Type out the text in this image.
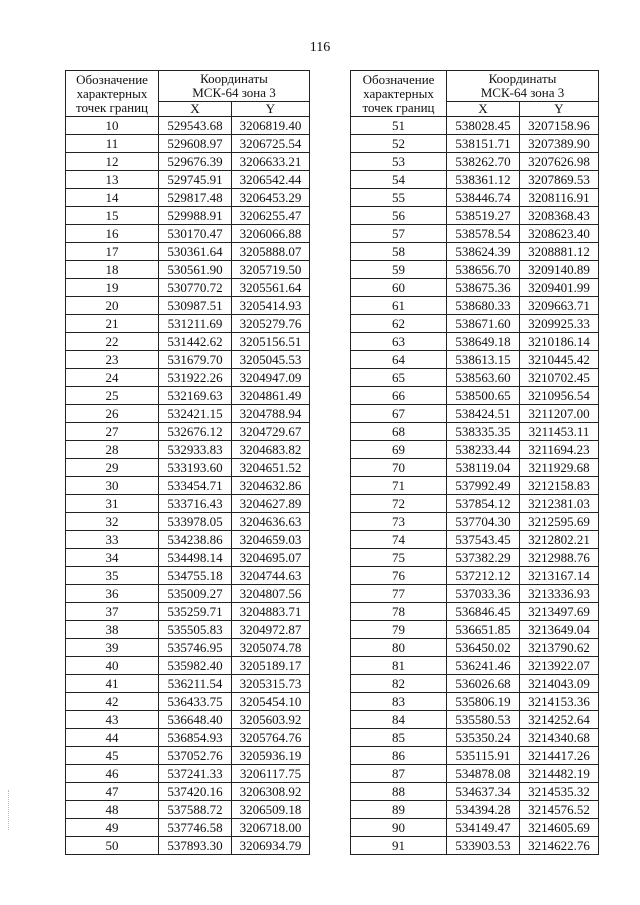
116
Обозначение
характерных
точек границ	Координаты
МСК-64 зона 3	
	X	Y
10	529543.68	3206819.40
11	529608.97	3206725.54
12	529676.39	3206633.21
13	529745.91	3206542.44
14	529817.48	3206453.29
15	529988.91	3206255.47
16	530170.47	3206066.88
17	530361.64	3205888.07
18	530561.90	3205719.50
19	530770.72	3205561.64
20	530987.51	3205414.93
21	531211.69	3205279.76
22	531442.62	3205156.51
23	531679.70	3205045.53
24	531922.26	3204947.09
25	532169.63	3204861.49
26	532421.15	3204788.94
27	532676.12	3204729.67
28	532933.83	3204683.82
29	533193.60	3204651.52
30	533454.71	3204632.86
31	533716.43	3204627.89
32	533978.05	3204636.63
33	534238.86	3204659.03
34	534498.14	3204695.07
35	534755.18	3204744.63
36	535009.27	3204807.56
37	535259.71	3204883.71
38	535505.83	3204972.87
39	535746.95	3205074.78
40	535982.40	3205189.17
41	536211.54	3205315.73
42	536433.75	3205454.10
43	536648.40	3205603.92
44	536854.93	3205764.76
45	537052.76	3205936.19
46	537241.33	3206117.75
47	537420.16	3206308.92
48	537588.72	3206509.18
49	537746.58	3206718.00
50	537893.30	3206934.79
Обозначение
характерных
точек границ	Координаты
МСК-64 зона 3	
	X	Y
51	538028.45	3207158.96
52	538151.71	3207389.90
53	538262.70	3207626.98
54	538361.12	3207869.53
55	538446.74	3208116.91
56	538519.27	3208368.43
57	538578.54	3208623.40
58	538624.39	3208881.12
59	538656.70	3209140.89
60	538675.36	3209401.99
61	538680.33	3209663.71
62	538671.60	3209925.33
63	538649.18	3210186.14
64	538613.15	3210445.42
65	538563.60	3210702.45
66	538500.65	3210956.54
67	538424.51	3211207.00
68	538335.35	3211453.11
69	538233.44	3211694.23
70	538119.04	3211929.68
71	537992.49	3212158.83
72	537854.12	3212381.03
73	537704.30	3212595.69
74	537543.45	3212802.21
75	537382.29	3212988.76
76	537212.12	3213167.14
77	537033.36	3213336.93
78	536846.45	3213497.69
79	536651.85	3213649.04
80	536450.02	3213790.62
81	536241.46	3213922.07
82	536026.68	3214043.09
83	535806.19	3214153.36
84	535580.53	3214252.64
85	535350.24	3214340.68
86	535115.91	3214417.26
87	534878.08	3214482.19
88	534637.34	3214535.32
89	534394.28	3214576.52
90	534149.47	3214605.69
91	533903.53	3214622.76
